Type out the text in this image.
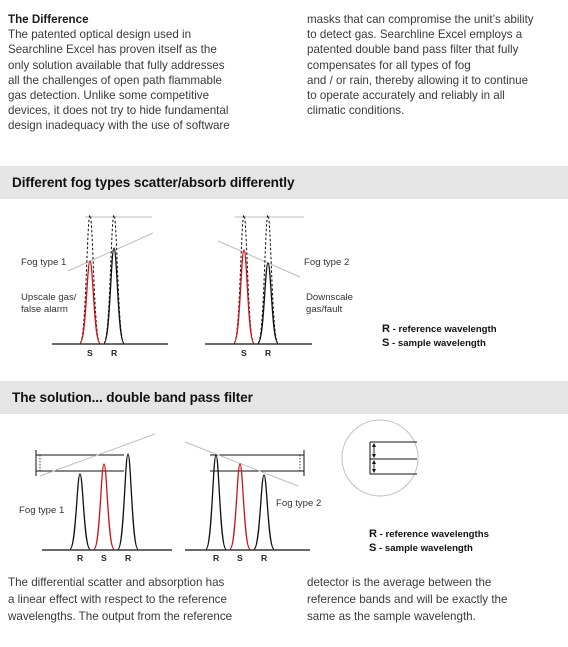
The Difference

The patented optical design used in

Searchline Excel has proven itself as the

only solution available that fully addresses

all the challenges of open path flammable

gas detection. Unlike some competitive

devices, it does not try to hide fundamental

design inadequacy with the use of software

masks that can compromise the unit’s ability

to detect gas. Searchline Excel employs a

patented double band pass filter that fully

compensates for all types of fog

and / or rain, thereby allowing it to continue

to operate accurately and reliably in all

climatic conditions.

Different fog types scatter/absorb differently
Fog type 1
Upscale gas/
false alarm
S R
Fog type 2
Downscale
gas/fault
S R
R - reference wavelength
S - sample wavelength
The solution... double band pass filter
Fog type 1
R S R
Fog type 2
R S R
R - reference wavelengths
S - sample wavelength

The differential scatter and absorption has

a linear effect with respect to the reference

wavelengths. The output from the reference

detector is the average between the

reference bands and will be exactly the

same as the sample wavelength.
